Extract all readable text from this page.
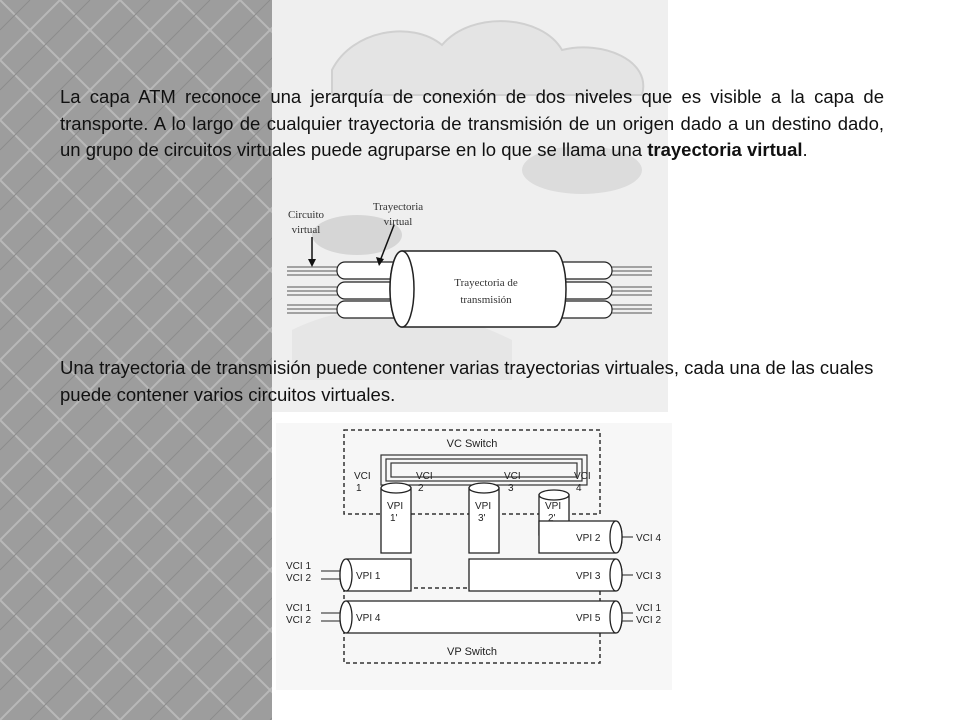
La capa ATM reconoce una jerarquía de conexión de dos niveles que es visible a la capa de transporte. A lo largo de cualquier trayectoria de transmisión de un origen dado a un destino dado, un grupo de circuitos virtuales puede agruparse en lo que se llama una trayectoria virtual.

Circuito
virtual
Trayectoria
virtual
Trayectoria de
transmisión

Una trayectoria de transmisión puede contener varias trayectorias virtuales, cada una de las cuales puede contener varios circuitos virtuales.

VC Switch
VP Switch
VCI
1
VCI
2
VCI
3
VCI
4
VPI
1'
VPI
3'
VPI
2'
VPI 2	VCI 4
VPI 1	VPI 3	VCI 3
VCI 1
VCI 2
VPI 4	VPI 5
VCI 1
VCI 2
VCI 1
VCI 2
